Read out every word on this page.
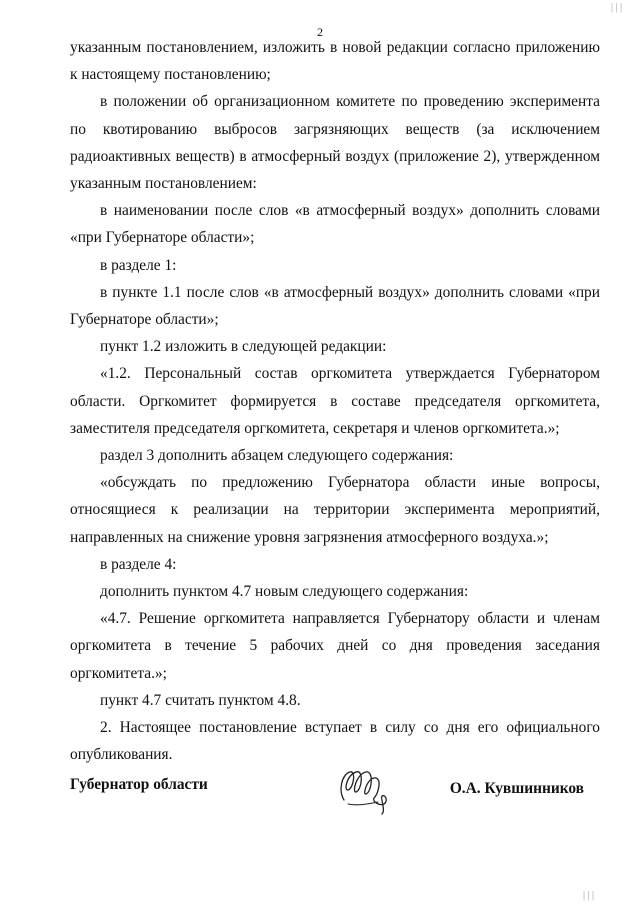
2

указанным постановлением, изложить в новой редакции согласно приложению к настоящему постановлению;

в положении об организационном комитете по проведению эксперимента по квотированию выбросов загрязняющих веществ (за исключением радиоактивных веществ) в атмосферный воздух (приложение 2), утвержденном указанным постановлением:

в наименовании после слов «в атмосферный воздух» дополнить словами «при Губернаторе области»;

в разделе 1:

в пункте 1.1 после слов «в атмосферный воздух» дополнить словами «при Губернаторе области»;

пункт 1.2 изложить в следующей редакции:

«1.2. Персональный состав оргкомитета утверждается Губернатором области. Оргкомитет формируется в составе председателя оргкомитета, заместителя председателя оргкомитета, секретаря и членов оргкомитета.»;

раздел 3 дополнить абзацем следующего содержания:

«обсуждать по предложению Губернатора области иные вопросы, относящиеся к реализации на территории эксперимента мероприятий, направленных на снижение уровня загрязнения атмосферного воздуха.»;

в разделе 4:

дополнить пунктом 4.7 новым следующего содержания:

«4.7. Решение оргкомитета направляется Губернатору области и членам оргкомитета в течение 5 рабочих дней со дня проведения заседания оргкомитета.»;

пункт 4.7 считать пунктом 4.8.

2. Настоящее постановление вступает в силу со дня его официального опубликования.

Губернатор области	О.А. Кувшинников
| | |
| | |
